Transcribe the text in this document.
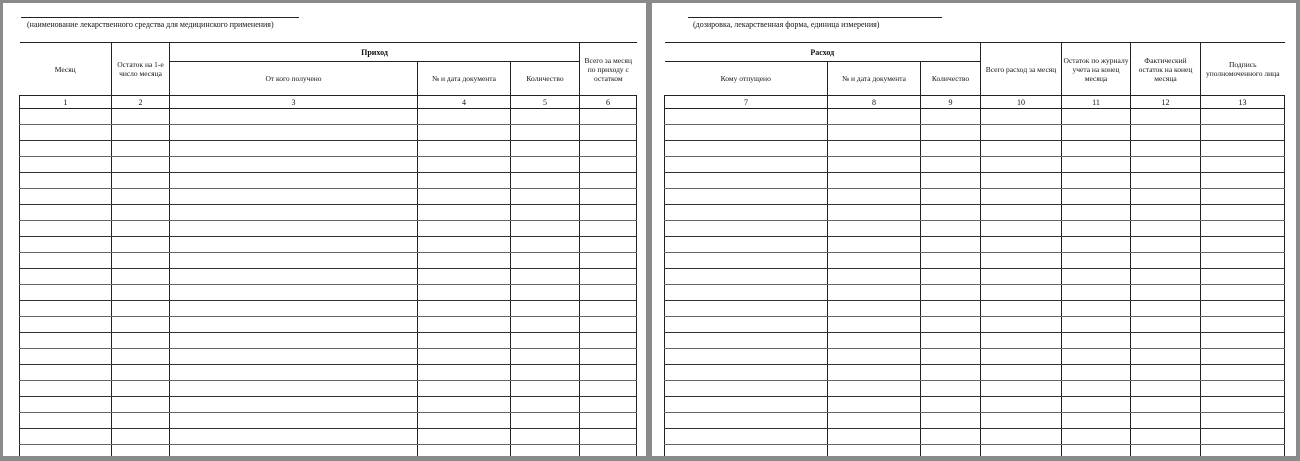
(наименование лекарственного средства для медицинского применения)
Месяц	Остаток на 1-е число месяца	Приход			Всего за месяц по приходу с остатком
		От кого получено	№ и дата документа	Количество	
1	2	3	4	5	6

(дозировка, лекарственная форма, единица измерения)
Расход			Всего расход за месяц	Остаток по журналу учета на конец месяца	Фактический остаток на конец месяца	Подпись уполномоченного лица
Кому отпущено	№ и дата документа	Количество				
7	8	9	10	11	12	13
